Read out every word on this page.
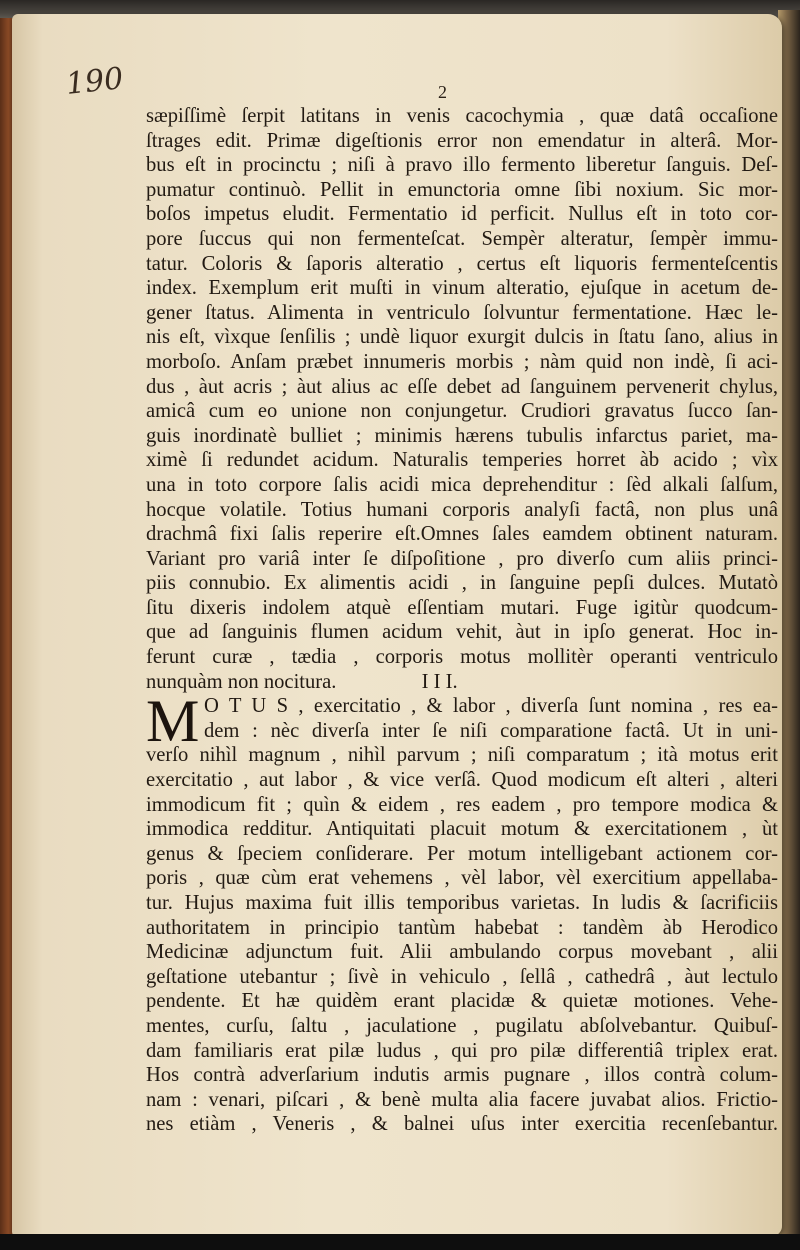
190	2
sæpiſſimè ſerpit latitans in venis cacochymia , quæ datâ occaſione
ſtrages edit. Primæ digeſtionis error non emendatur in alterâ. Mor-
bus eſt in procinctu ; niſi à pravo illo fermento liberetur ſanguis. Deſ-
pumatur continuò. Pellit in emunctoria omne ſibi noxium. Sic mor-
boſos impetus eludit. Fermentatio id perficit. Nullus eſt in toto cor-
pore ſuccus qui non fermenteſcat. Sempèr alteratur, ſempèr immu-
tatur. Coloris & ſaporis alteratio , certus eſt liquoris fermenteſcentis
index. Exemplum erit muſti in vinum alteratio, ejuſque in acetum de-
gener ſtatus. Alimenta in ventriculo ſolvuntur fermentatione. Hæc le-
nis eſt, vìxque ſenſilis ; undè liquor exurgit dulcis in ſtatu ſano, alius in
morboſo. Anſam præbet innumeris morbis ; nàm quid non indè, ſi aci-
dus , àut acris ; àut alius ac eſſe debet ad ſanguinem pervenerit chylus,
amicâ cum eo unione non conjungetur. Crudiori gravatus ſucco ſan-
guis inordinatè bulliet ; minimis hærens tubulis infarctus pariet, ma-
ximè ſi redundet acidum. Naturalis temperies horret àb acido ; vìx
una in toto corpore ſalis acidi mica deprehenditur : ſèd alkali ſalſum,
hocque volatile. Totius humani corporis analyſi factâ, non plus unâ
drachmâ fixi ſalis reperire eſt.Omnes ſales eamdem obtinent naturam.
Variant pro variâ inter ſe diſpoſitione , pro diverſo cum aliis princi-
piis connubio. Ex alimentis acidi , in ſanguine pepſi dulces. Mutatò
ſitu dixeris indolem atquè eſſentiam mutari. Fuge igitùr quodcum-
que ad ſanguinis flumen acidum vehit, àut in ipſo generat. Hoc in-
ferunt curæ , tædia , corporis motus mollitèr operanti ventriculo
nunquàm non nocitura.	I I I.
M O T U S , exercitatio , & labor , diverſa ſunt nomina , res ea-
dem : nèc diverſa inter ſe niſi comparatione factâ. Ut in uni-
verſo nihìl magnum , nihìl parvum ; niſi comparatum ; ità motus erit
exercitatio , aut labor , & vice verſâ. Quod modicum eſt alteri , alteri
immodicum fit ; quìn & eidem , res eadem , pro tempore modica &
immodica redditur. Antiquitati placuit motum & exercitationem , ùt
genus & ſpeciem conſiderare. Per motum intelligebant actionem cor-
poris , quæ cùm erat vehemens , vèl labor, vèl exercitium appellaba-
tur. Hujus maxima fuit illis temporibus varietas. In ludis & ſacrificiis
authoritatem in principio tantùm habebat : tandèm àb Herodico
Medicinæ adjunctum fuit. Alii ambulando corpus movebant , alii
geſtatione utebantur ; ſivè in vehiculo , ſellâ , cathedrâ , àut lectulo
pendente. Et hæ quidèm erant placidæ & quietæ motiones. Vehe-
mentes, curſu, ſaltu , jaculatione , pugilatu abſolvebantur. Quibuſ-
dam familiaris erat pilæ ludus , qui pro pilæ differentiâ triplex erat.
Hos contrà adverſarium indutis armis pugnare , illos contrà colum-
nam : venari, piſcari , & benè multa alia facere juvabat alios. Frictio-
nes etiàm , Veneris , & balnei uſus inter exercitia recenſebantur.
